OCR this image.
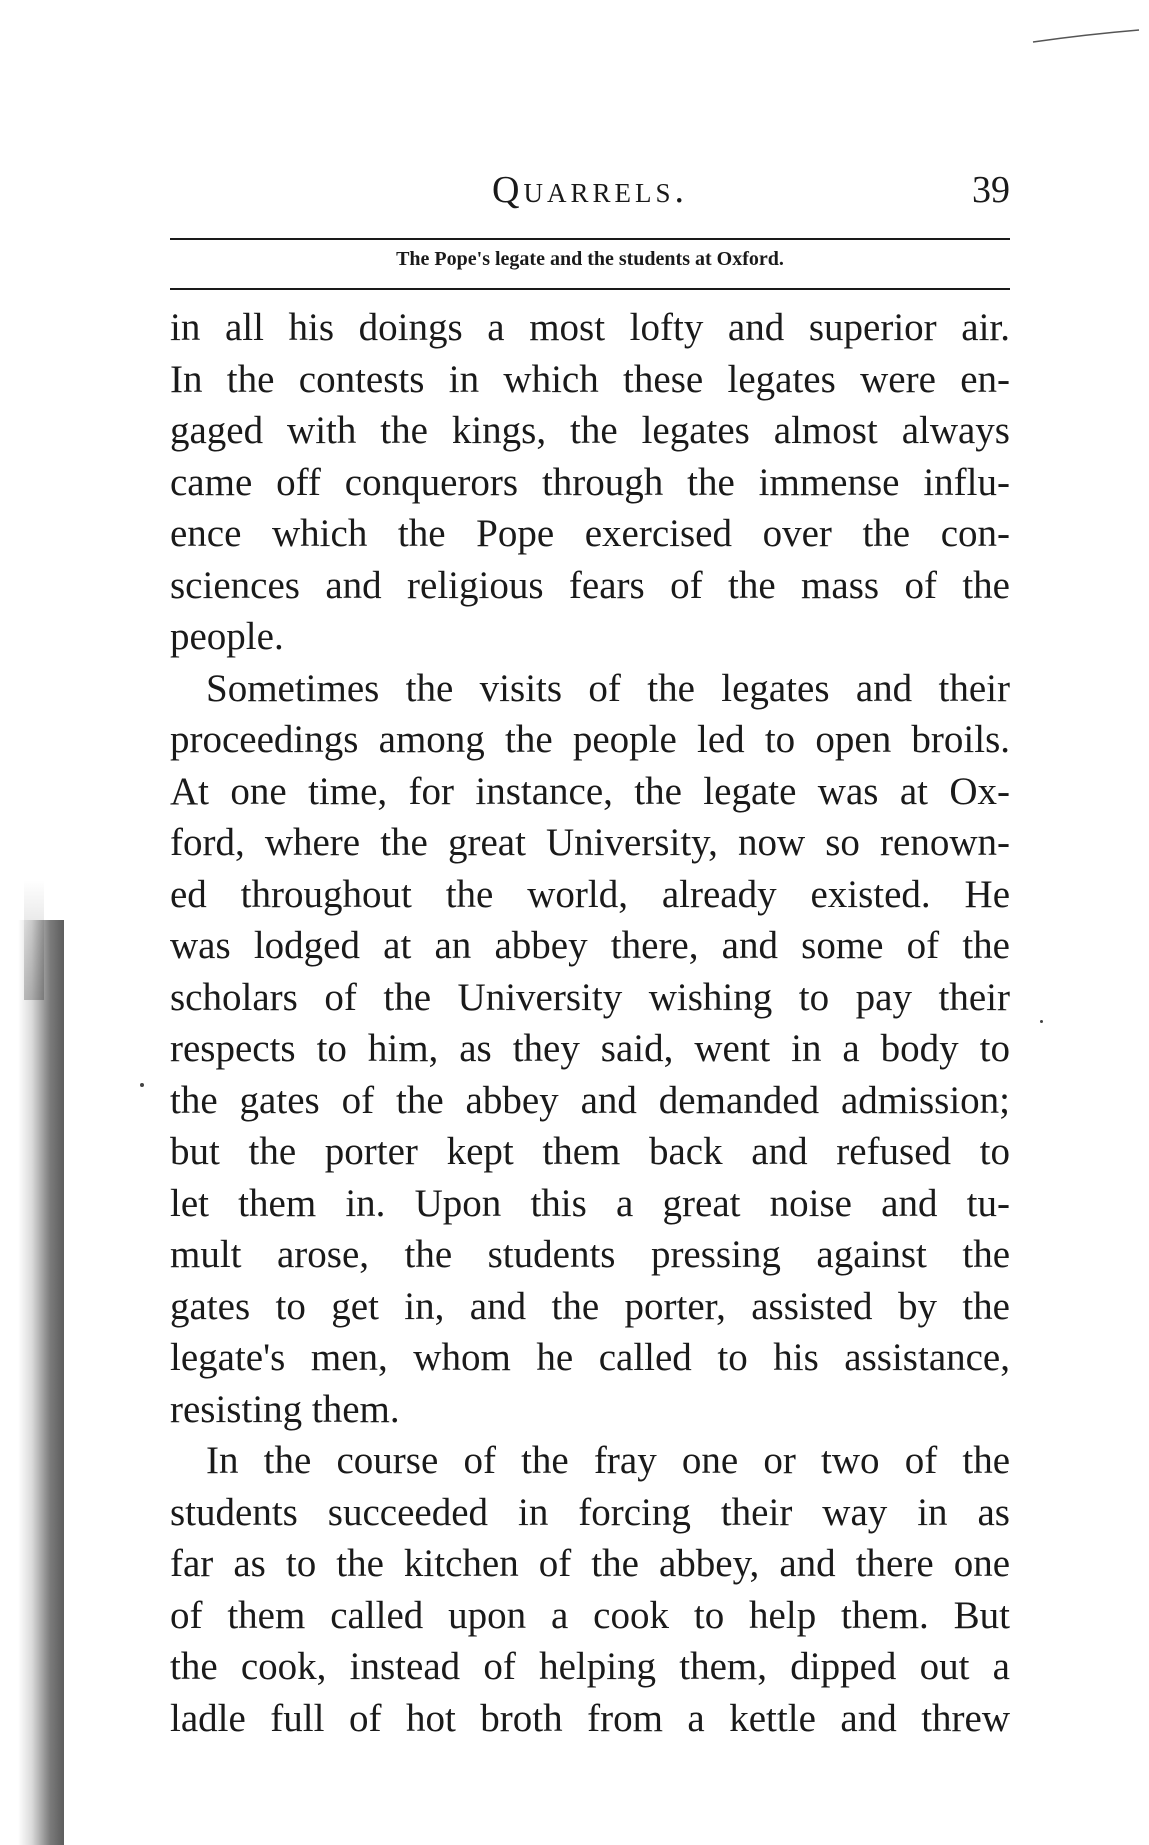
Quarrels.	39
The Pope's legate and the students at Oxford.
in all his doings a most lofty and superior air.
In the contests in which these legates were en-
gaged with the kings, the legates almost always
came off conquerors through the immense influ-
ence which the Pope exercised over the con-
sciences and religious fears of the mass of the
people.
Sometimes the visits of the legates and their
proceedings among the people led to open broils.
At one time, for instance, the legate was at Ox-
ford, where the great University, now so renown-
ed throughout the world, already existed. He
was lodged at an abbey there, and some of the
scholars of the University wishing to pay their
respects to him, as they said, went in a body to
the gates of the abbey and demanded admission;
but the porter kept them back and refused to
let them in. Upon this a great noise and tu-
mult arose, the students pressing against the
gates to get in, and the porter, assisted by the
legate's men, whom he called to his assistance,
resisting them.
In the course of the fray one or two of the
students succeeded in forcing their way in as
far as to the kitchen of the abbey, and there one
of them called upon a cook to help them. But
the cook, instead of helping them, dipped out a
ladle full of hot broth from a kettle and threw
